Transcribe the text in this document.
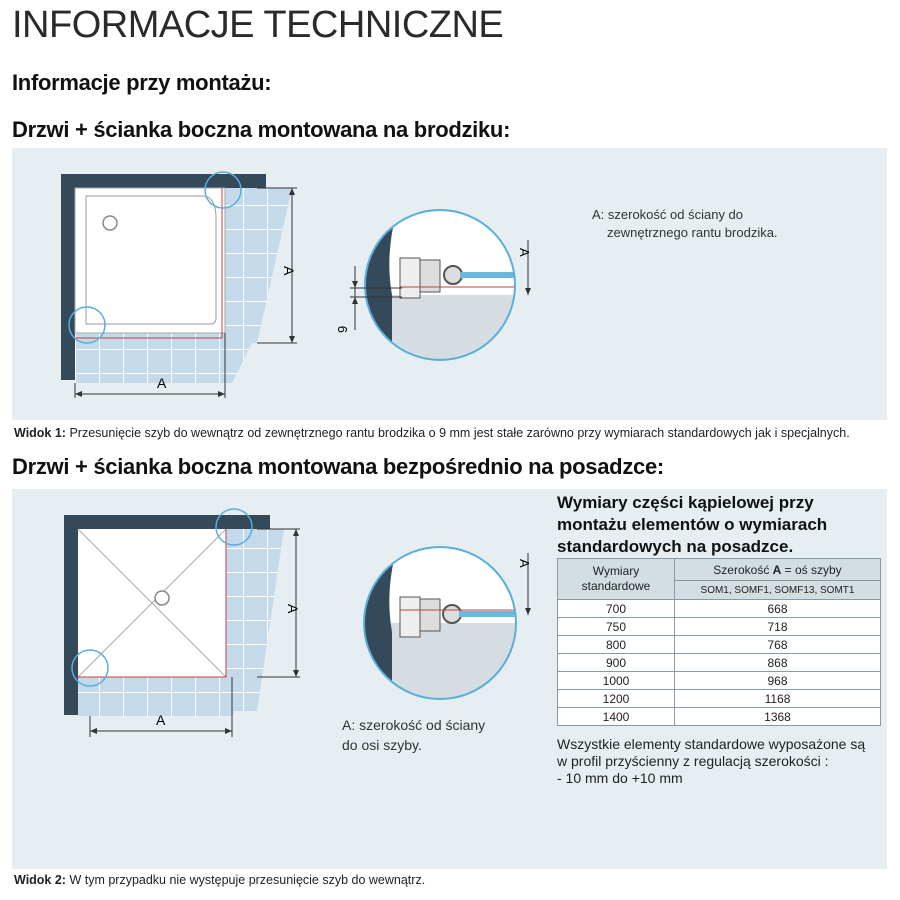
INFORMACJE TECHNICZNE
Informacje przy montażu:
Drzwi + ścianka boczna montowana na brodziku:
A
A
A
9
A: szerokość od ściany do
zewnętrznego rantu brodzika.
Widok 1: Przesunięcie szyb do wewnątrz od zewnętrznego rantu brodzika o 9 mm jest stałe zarówno przy wymiarach standardowych jak i specjalnych.
Drzwi + ścianka boczna montowana bezpośrednio na posadzce:
A
A
A
A: szerokość od ściany
do osi szyby.
Wymiary części kąpielowej przy montażu elementów o wymiarach standardowych na posadzce.
Wymiary standardowe	Szerokość A = oś szyby
	SOM1, SOMF1, SOMF13, SOMT1
700	668
750	718
800	768
900	868
1000	968
1200	1168
1400	1368
Wszystkie elementy standardowe wyposażone są
w profil przyścienny z regulacją szerokości :
- 10 mm do +10 mm
Widok 2: W tym przypadku nie występuje przesunięcie szyb do wewnątrz.
